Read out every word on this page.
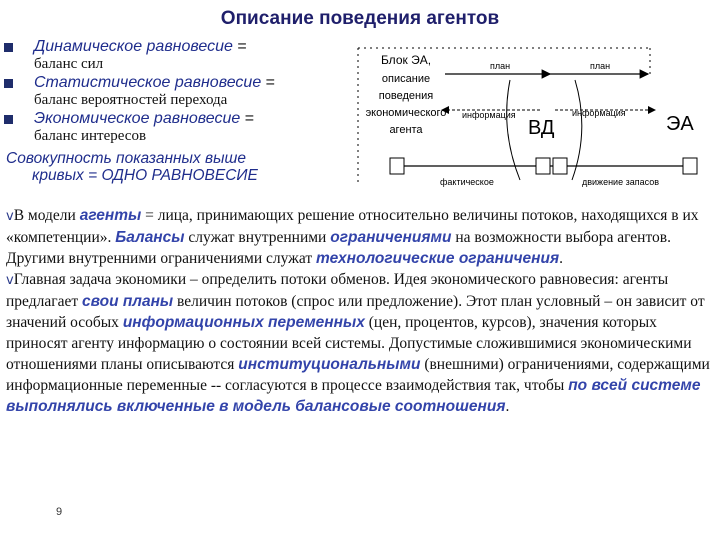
Описание поведения агентов
Динамическое равновесие =
баланс сил
Статистическое равновесие =
баланс вероятностей перехода
Экономическое равновесие =
баланс интересов
Совокупность показанных выше
кривых = ОДНО РАВНОВЕСИЕ
Блок ЭА,
описание
поведения
экономического
агента
план	план
информация	информация
ВД	ЭА
фактическое	движение запасов

vВ модели агенты = лица, принимающих решение относительно величины потоков, находящихся в их «компетенции». Балансы служат внутренними ограничениями на возможности выбора агентов. Другими внутренними ограничениями служат технологические ограничения.

vГлавная задача экономики – определить потоки обменов. Идея экономического равновесия: агенты предлагает свои планы величин потоков (спрос или предложение). Этот план условный – он зависит от значений особых информационных переменных (цен, процентов, курсов), значения которых приносят агенту информацию о состоянии всей системы. Допустимые сложившимися экономическими отношениями планы описываются институциональными (внешними) ограничениями, содержащими информационные переменные -- согласуются в процессе взаимодействия так, чтобы по всей системе выполнялись включенные в модель балансовые соотношения.

9
